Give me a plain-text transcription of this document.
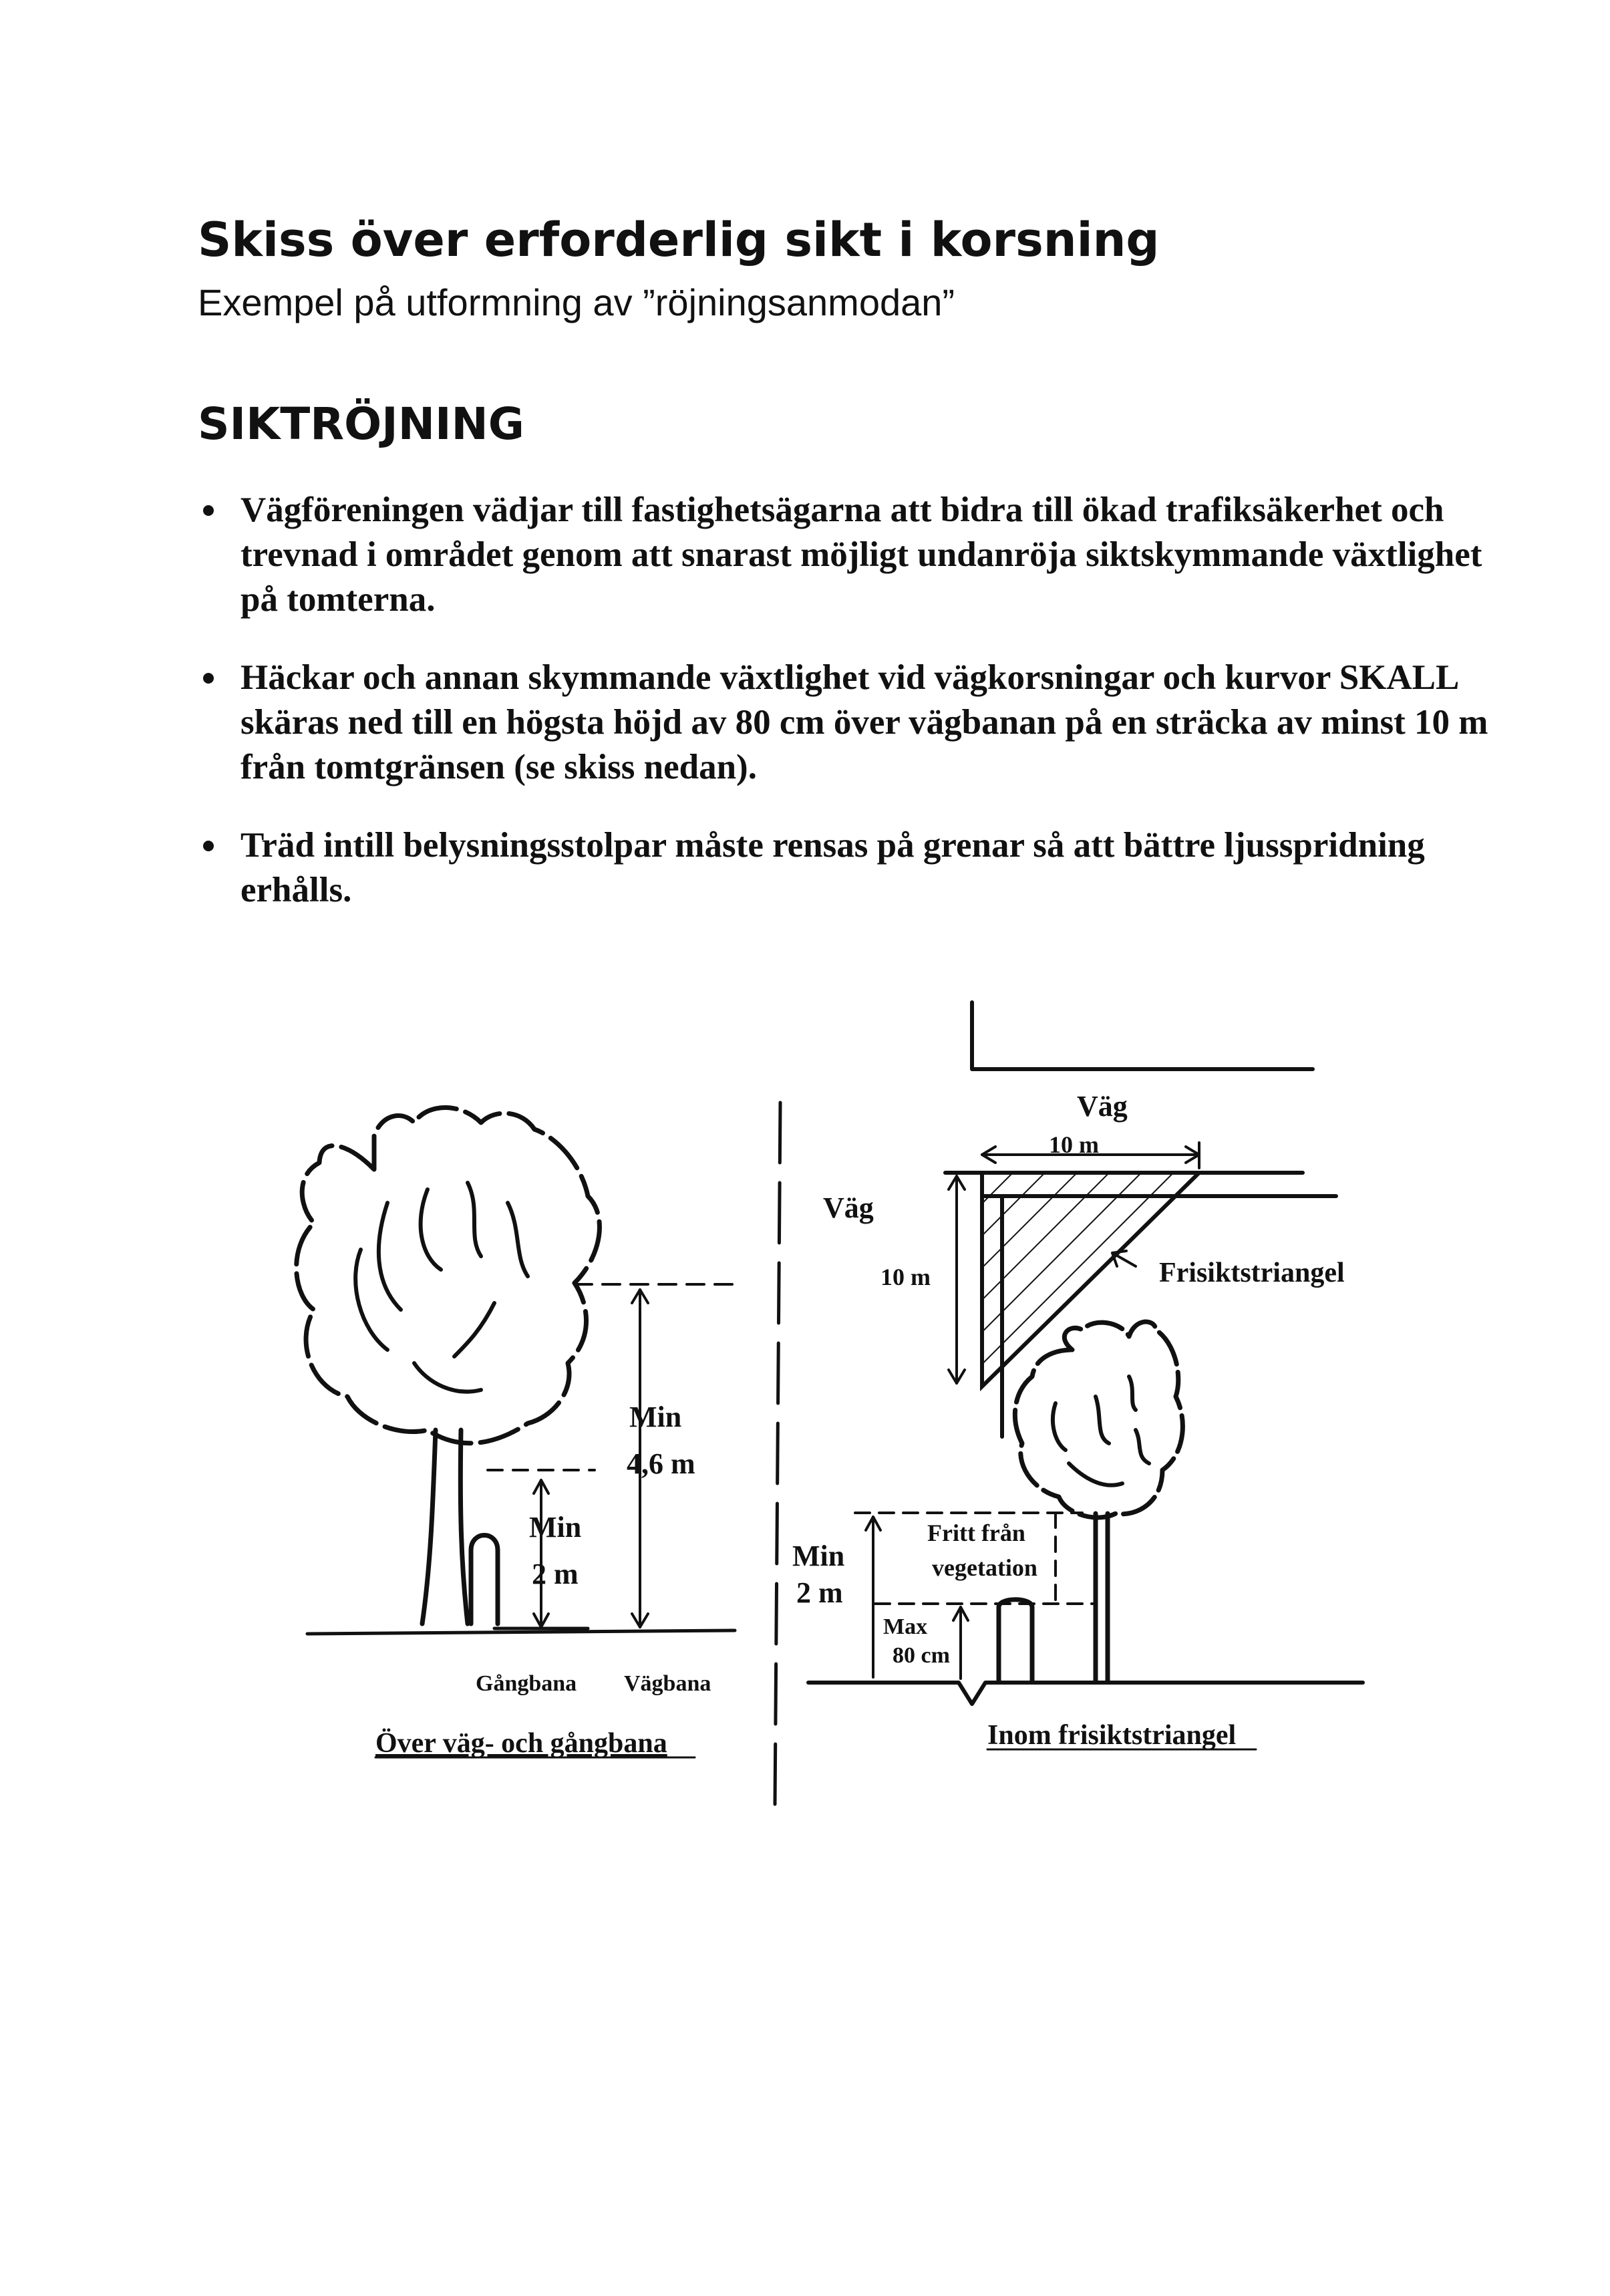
Skiss över erforderlig sikt i korsning
Exempel på utformning av ”röjningsanmodan”
SIKTRÖJNING
Vägföreningen vädjar till fastighetsägarna att bidra till ökad trafiksäkerhet och trevnad i området genom att snarast möjligt undanröja siktskymmande växtlighet på tomterna.
Häckar och annan skymmande växtlighet vid vägkorsningar och kurvor SKALL skäras ned till en högsta höjd av 80 cm över vägbanan på en sträcka av minst 10 m från tomtgränsen (se skiss nedan).
Träd intill belysningsstolpar måste rensas på grenar så att bättre ljusspridning erhålls.
Min
4,6 m
Min
2 m
Gångbana Vägbana
Över väg- och gångbana
10 m
Väg
Väg
10 m	Frisiktstriangel
Fritt från
vegetation
Min
2 m
Max
80 cm
Inom frisiktstriangel
